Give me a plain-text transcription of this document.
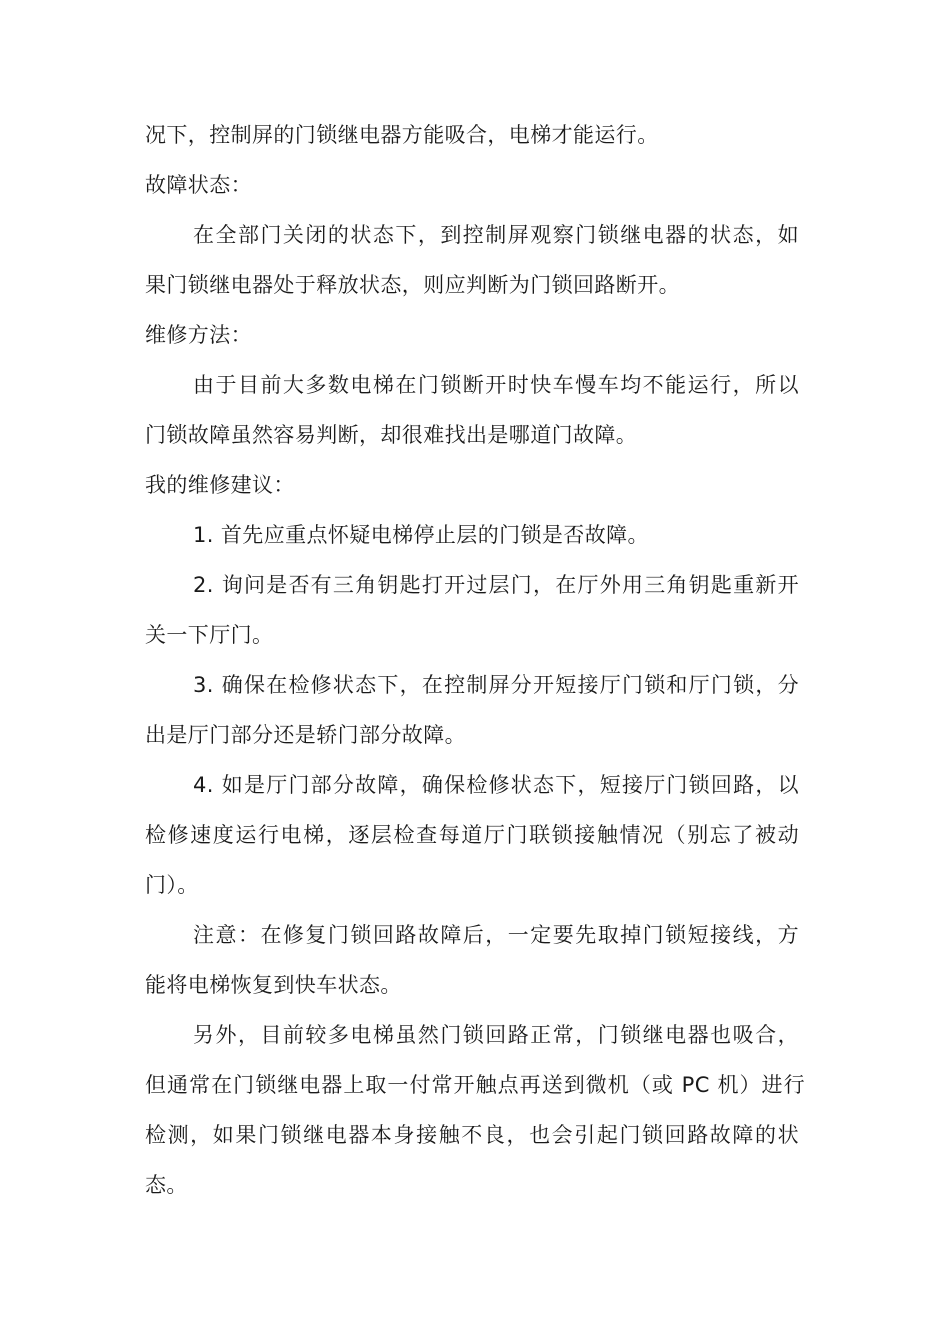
况下，控制屏的门锁继电器方能吸合，电梯才能运行。
故障状态：
在全部门关闭的状态下，到控制屏观察门锁继电器的状态，如
果门锁继电器处于释放状态，则应判断为门锁回路断开。
维修方法：
由于目前大多数电梯在门锁断开时快车慢车均不能运行，所以
门锁故障虽然容易判断，却很难找出是哪道门故障。
我的维修建议：
1. 首先应重点怀疑电梯停止层的门锁是否故障。
2. 询问是否有三角钥匙打开过层门，在厅外用三角钥匙重新开
关一下厅门。
3. 确保在检修状态下，在控制屏分开短接厅门锁和厅门锁，分
出是厅门部分还是轿门部分故障。
4. 如是厅门部分故障，确保检修状态下，短接厅门锁回路，以
检修速度运行电梯，逐层检查每道厅门联锁接触情况（别忘了被动
门）。
注意：在修复门锁回路故障后，一定要先取掉门锁短接线，方
能将电梯恢复到快车状态。
另外，目前较多电梯虽然门锁回路正常，门锁继电器也吸合，
但通常在门锁继电器上取一付常开触点再送到微机（或 PC 机）进行
检测，如果门锁继电器本身接触不良，也会引起门锁回路故障的状
态。
